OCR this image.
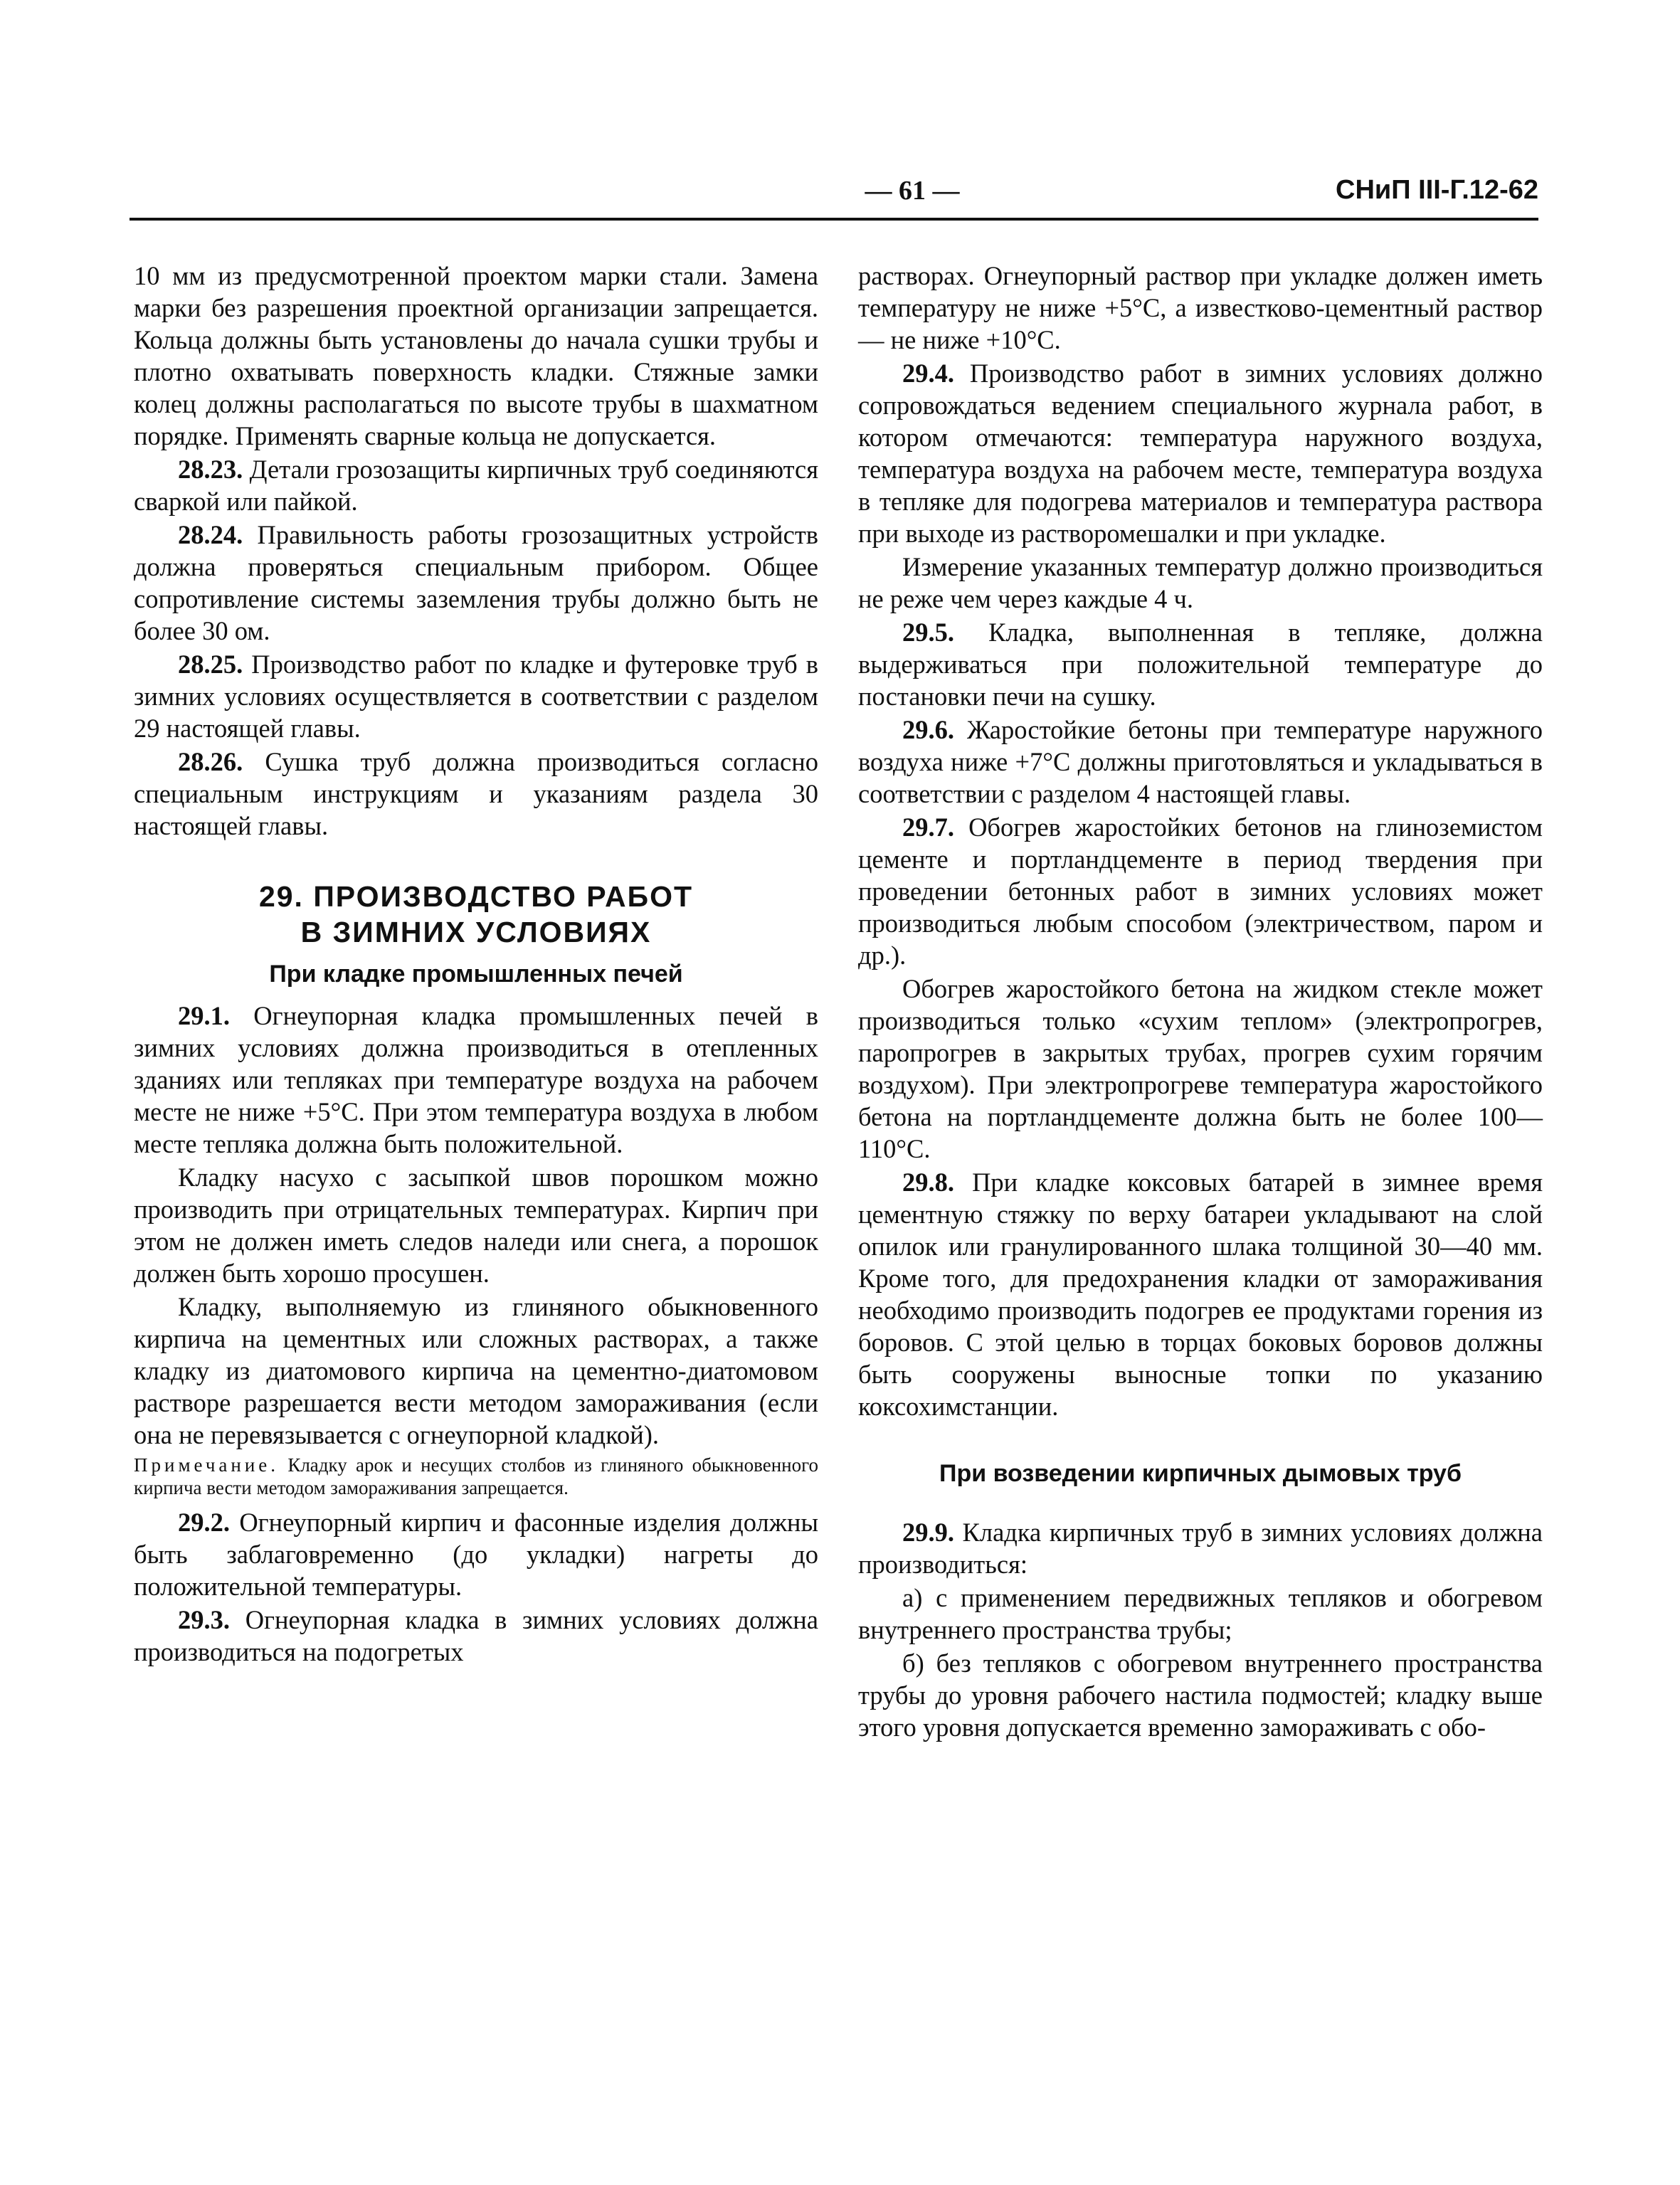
— 61 —	СНиП III-Г.12-62

10 мм из предусмотренной проектом марки стали. Замена марки без разрешения проектной организации запрещается. Кольца должны быть установлены до начала сушки трубы и плотно охватывать поверхность кладки. Стяжные замки колец должны располагаться по высоте трубы в шахматном порядке. Применять сварные кольца не допускается.

28.23. Детали грозозащиты кирпичных труб соединяются сваркой или пайкой.

28.24. Правильность работы грозозащитных устройств должна проверяться специальным прибором. Общее сопротивление системы заземления трубы должно быть не более 30 ом.

28.25. Производство работ по кладке и футеровке труб в зимних условиях осуществляется в соответствии с разделом 29 настоящей главы.

28.26. Сушка труб должна производиться согласно специальным инструкциям и указаниям раздела 30 настоящей главы.

29. ПРОИЗВОДСТВО РАБОТ
В ЗИМНИХ УСЛОВИЯХ
При кладке промышленных печей

29.1. Огнеупорная кладка промышленных печей в зимних условиях должна производиться в отепленных зданиях или тепляках при температуре воздуха на рабочем месте не ниже +5°С. При этом температура воздуха в любом месте тепляка должна быть положительной.

Кладку насухо с засыпкой швов порошком можно производить при отрицательных температурах. Кирпич при этом не должен иметь следов наледи или снега, а порошок должен быть хорошо просушен.

Кладку, выполняемую из глиняного обыкновенного кирпича на цементных или сложных растворах, а также кладку из диатомового кирпича на цементно-диатомовом растворе разрешается вести методом замораживания (если она не перевязывается с огнеупорной кладкой).

Примечание. Кладку арок и несущих столбов из глиняного обыкновенного кирпича вести методом замораживания запрещается.

29.2. Огнеупорный кирпич и фасонные изделия должны быть заблаговременно (до укладки) нагреты до положительной температуры.

29.3. Огнеупорная кладка в зимних условиях должна производиться на подогретых

растворах. Огнеупорный раствор при укладке должен иметь температуру не ниже +5°С, а известково-цементный раствор — не ниже +10°С.

29.4. Производство работ в зимних условиях должно сопровождаться ведением специального журнала работ, в котором отмечаются: температура наружного воздуха, температура воздуха на рабочем месте, температура воздуха в тепляке для подогрева материалов и температура раствора при выходе из растворомешалки и при укладке.

Измерение указанных температур должно производиться не реже чем через каждые 4 ч.

29.5. Кладка, выполненная в тепляке, должна выдерживаться при положительной температуре до постановки печи на сушку.

29.6. Жаростойкие бетоны при температуре наружного воздуха ниже +7°С должны приготовляться и укладываться в соответствии с разделом 4 настоящей главы.

29.7. Обогрев жаростойких бетонов на глиноземистом цементе и портландцементе в период твердения при проведении бетонных работ в зимних условиях может производиться любым способом (электричеством, паром и др.).

Обогрев жаростойкого бетона на жидком стекле может производиться только «сухим теплом» (электропрогрев, паропрогрев в закрытых трубах, прогрев сухим горячим воздухом). При электропрогреве температура жаростойкого бетона на портландцементе должна быть не более 100—110°С.

29.8. При кладке коксовых батарей в зимнее время цементную стяжку по верху батареи укладывают на слой опилок или гранулированного шлака толщиной 30—40 мм. Кроме того, для предохранения кладки от замораживания необходимо производить подогрев ее продуктами горения из боровов. С этой целью в торцах боковых боровов должны быть сооружены выносные топки по указанию коксохимстанции.

При возведении кирпичных дымовых труб

29.9. Кладка кирпичных труб в зимних условиях должна производиться:

а) с применением передвижных тепляков и обогревом внутреннего пространства трубы;

б) без тепляков с обогревом внутреннего пространства трубы до уровня рабочего настила подмостей; кладку выше этого уровня допускается временно замораживать с обо-
